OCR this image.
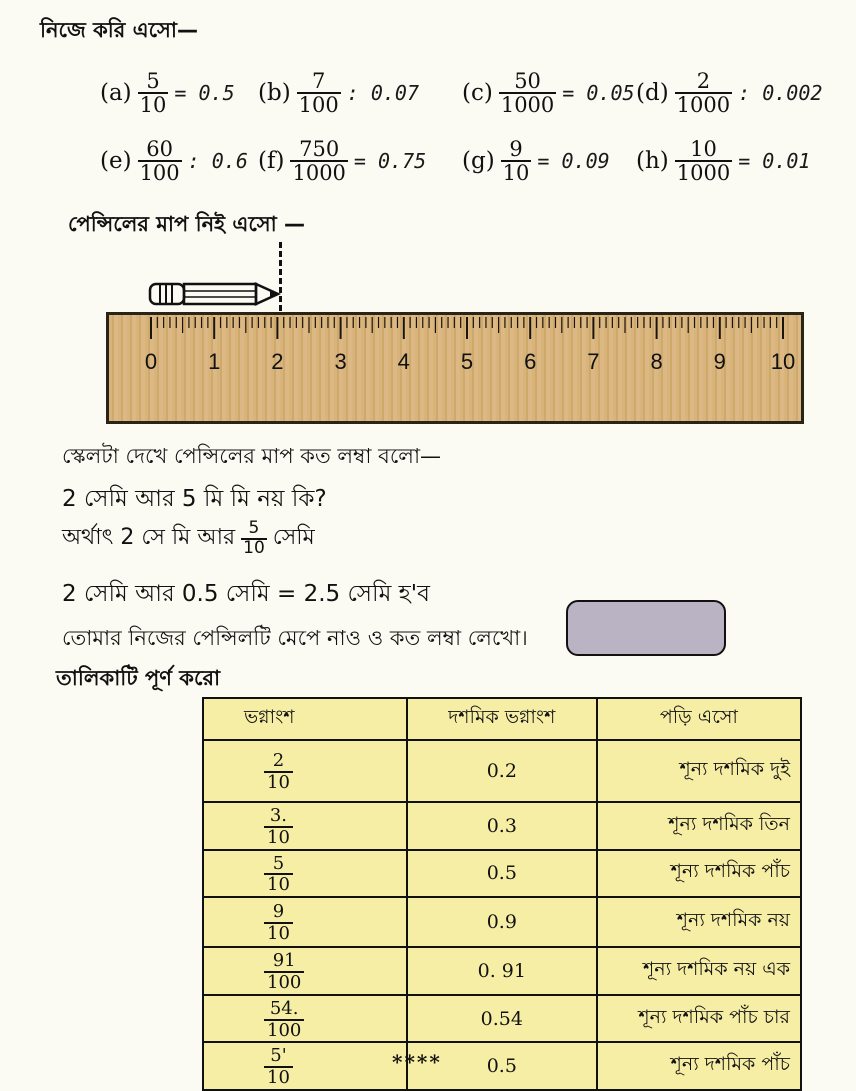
নিজে করি এসো—
$(a) \frac{5}{10} = 0.5$ $(b) \frac{7}{100}$ : 0.07 $(c) \frac{50}{1000} = 0.05$ $(d) \frac{2}{1000}$ : 0.002
$(e) \frac{60}{100}$ : 0.6 $(f) \frac{750}{1000} = 0.75$ $(g) \frac{9}{10} = 0.09$ $(h) \frac{10}{1000} = 0.01$
পেন্সিলের মাপ নিই এসো —
0 1 2 3 4 5 6 7 8 9 10
স্কেলটা দেখে পেন্সিলের মাপ কত লম্বা বলো—
2 সেমি আর 5 মি মি নয় কি?
অর্থাৎ 2 সে মি আর $\frac{5}{10}$ সেমি
2 সেমি আর 0.5 সেমি = 2.5 সেমি হ'ব
তোমার নিজের পেন্সিলটি মেপে নাও ও কত লম্বা লেখো।
তালিকাটি পূর্ণ করো
ভগ্নাংশ	দশমিক ভগ্নাংশ	পড়ি এসো

$\frac{2}{10}$	0.2	শূন্য দশমিক দুই

$\frac{3.}{10}$	0.3	শূন্য দশমিক তিন

$\frac{5}{10}$	0.5	শূন্য দশমিক পাঁচ

$\frac{9}{10}$	0.9	শূন্য দশমিক নয়

$\frac{91}{100}$	0. 91	শূন্য দশমিক নয় এক

$\frac{54.}{100}$	0.54	শূন্য দশমিক পাঁচ চার

$\frac{5'}{10}$	0.5	শূন্য দশমিক পাঁচ
****
